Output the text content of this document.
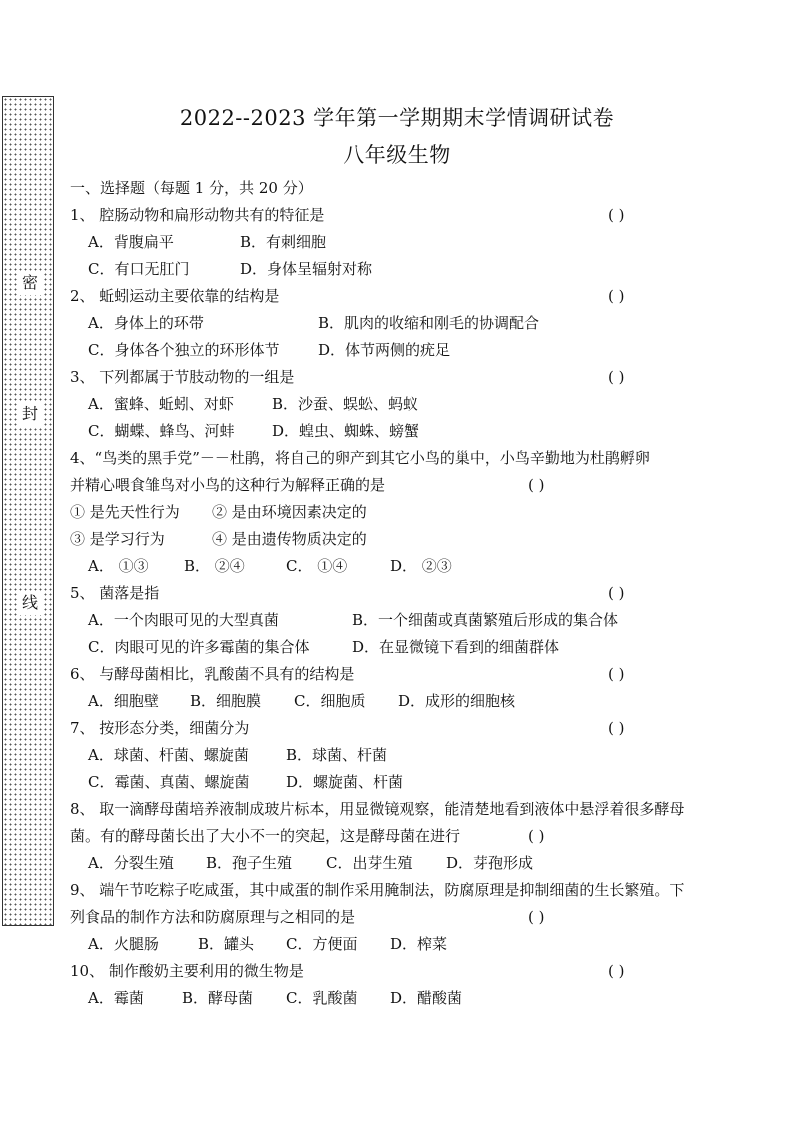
密
封
线
2022--2023 学年第一学期期末学情调研试卷
八年级生物
一、选择题（每题 1 分，共 20 分）
1、 腔肠动物和扁形动物共有的特征是	( )
A．背腹扁平	B．有刺细胞
C．有口无肛门	D．身体呈辐射对称
2、 蚯蚓运动主要依靠的结构是	( )
A．身体上的环带	B．肌肉的收缩和刚毛的协调配合
C．身体各个独立的环形体节	D．体节两侧的疣足
3、 下列都属于节肢动物的一组是	( )
A．蜜蜂、蚯蚓、对虾	B．沙蚕、蜈蚣、蚂蚁
C．蝴蝶、蜂鸟、河蚌	D．蝗虫、蜘蛛、螃蟹
4、“鸟类的黑手党”－－杜鹃，将自己的卵产到其它小鸟的巢中，小鸟辛勤地为杜鹃孵卵
并精心喂食雏鸟对小鸟的这种行为解释正确的是	( )
① 是先天性行为 ② 是由环境因素决定的
③ 是学习行为	④ 是由遗传物质决定的
A． ①③ B． ②④	C． ①④	D． ②③
5、 菌落是指	( )
A．一个肉眼可见的大型真菌	B．一个细菌或真菌繁殖后形成的集合体
C．肉眼可见的许多霉菌的集合体	D．在显微镜下看到的细菌群体
6、 与酵母菌相比，乳酸菌不具有的结构是	( )
A．细胞壁 B．细胞膜 C．细胞质 D．成形的细胞核
7、 按形态分类，细菌分为	( )
A．球菌、杆菌、螺旋菌 B．球菌、杆菌
C．霉菌、真菌、螺旋菌 D．螺旋菌、杆菌
8、 取一滴酵母菌培养液制成玻片标本，用显微镜观察，能清楚地看到液体中悬浮着很多酵母
菌。有的酵母菌长出了大小不一的突起，这是酵母菌在进行	( )
A．分裂生殖 B．孢子生殖 C．出芽生殖 D．芽孢形成
9、 端午节吃粽子吃咸蛋，其中咸蛋的制作采用腌制法，防腐原理是抑制细菌的生长繁殖。下
列食品的制作方法和防腐原理与之相同的是	( )
A．火腿肠	B．罐头 C．方便面 D．榨菜
10、 制作酸奶主要利用的微生物是	( )
A．霉菌	B．酵母菌 C．乳酸菌 D．醋酸菌
